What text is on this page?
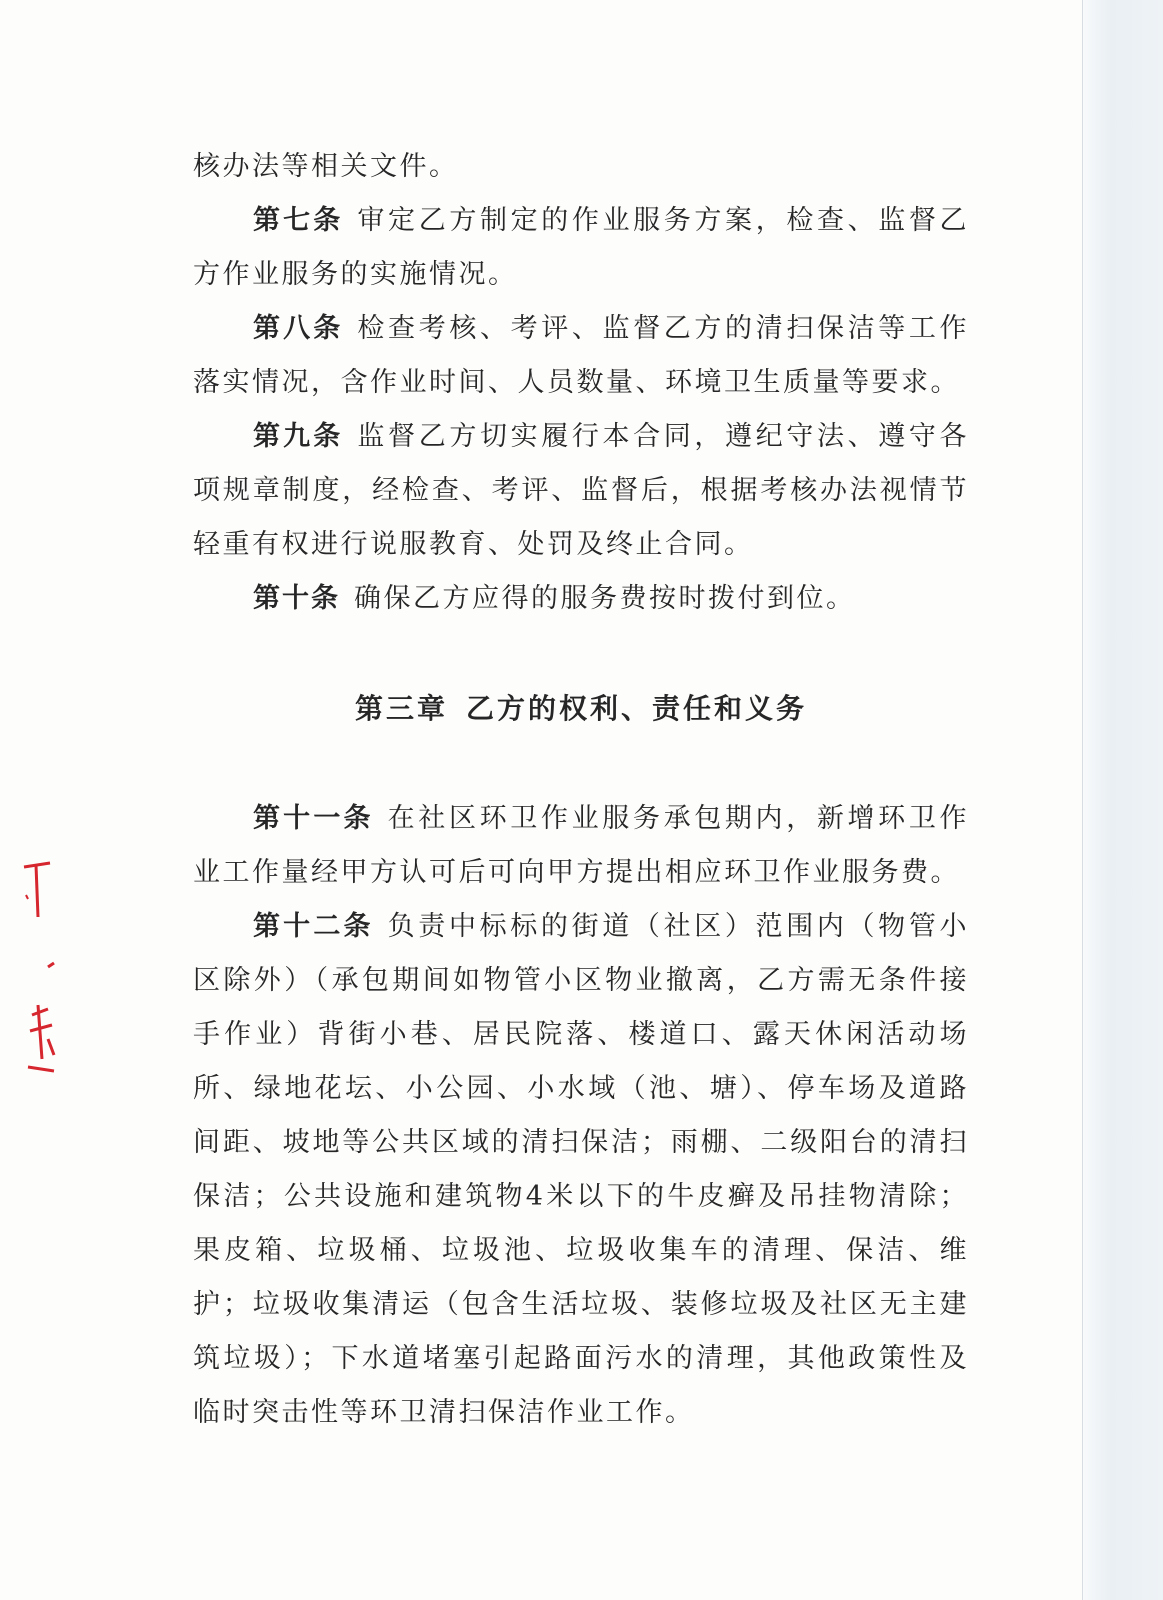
核办法等相关文件。

第七条 审定乙方制定的作业服务方案，检查、监督乙方作业服务的实施情况。

第八条 检查考核、考评、监督乙方的清扫保洁等工作落实情况，含作业时间、人员数量、环境卫生质量等要求。

第九条 监督乙方切实履行本合同，遵纪守法、遵守各项规章制度，经检查、考评、监督后，根据考核办法视情节轻重有权进行说服教育、处罚及终止合同。

第十条 确保乙方应得的服务费按时拨付到位。

第三章 乙方的权利、责任和义务

第十一条 在社区环卫作业服务承包期内，新增环卫作业工作量经甲方认可后可向甲方提出相应环卫作业服务费。

第十二条 负责中标标的街道（社区）范围内（物管小区除外）（承包期间如物管小区物业撤离，乙方需无条件接手作业）背街小巷、居民院落、楼道口、露天休闲活动场所、绿地花坛、小公园、小水域（池、塘）、停车场及道路间距、坡地等公共区域的清扫保洁；雨棚、二级阳台的清扫保洁；公共设施和建筑物4米以下的牛皮癣及吊挂物清除；果皮箱、垃圾桶、垃圾池、垃圾收集车的清理、保洁、维护；垃圾收集清运（包含生活垃圾、装修垃圾及社区无主建筑垃圾）；下水道堵塞引起路面污水的清理，其他政策性及临时突击性等环卫清扫保洁作业工作。
